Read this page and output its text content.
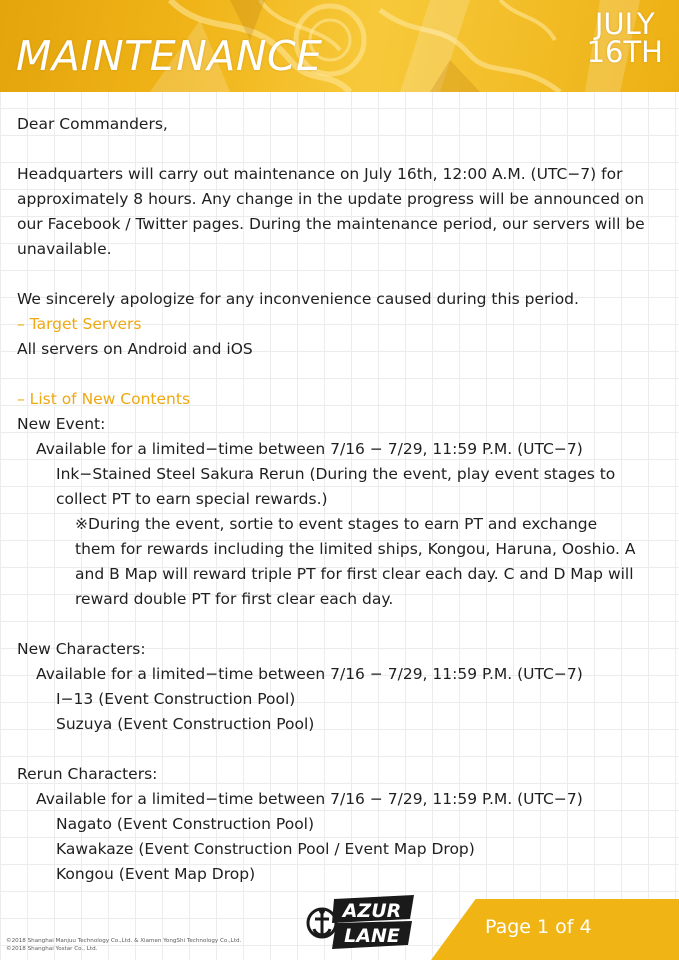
MAINTENANCE
JULY
16TH
Dear Commanders,
Headquarters will carry out maintenance on July 16th, 12:00 A.M. (UTC−7) for
approximately 8 hours. Any change in the update progress will be announced on
our Facebook / Twitter pages. During the maintenance period, our servers will be
unavailable.
We sincerely apologize for any inconvenience caused during this period.
– Target Servers
All servers on Android and iOS
– List of New Contents
New Event:
Available for a limited−time between 7/16 − 7/29, 11:59 P.M. (UTC−7)
Ink−Stained Steel Sakura Rerun (During the event, play event stages to
collect PT to earn special rewards.)
※During the event, sortie to event stages to earn PT and exchange
them for rewards including the limited ships, Kongou, Haruna, Ooshio. A
and B Map will reward triple PT for first clear each day. C and D Map will
reward double PT for first clear each day.
New Characters:
Available for a limited−time between 7/16 − 7/29, 11:59 P.M. (UTC−7)
I−13 (Event Construction Pool)
Suzuya (Event Construction Pool)
Rerun Characters:
Available for a limited−time between 7/16 − 7/29, 11:59 P.M. (UTC−7)
Nagato (Event Construction Pool)
Kawakaze (Event Construction Pool / Event Map Drop)
Kongou (Event Map Drop)
©2018 Shanghai Manjuu Technology Co.,Ltd. & Xiamen YongShi Technology Co.,Ltd.
©2018 Shanghai Yostar Co., Ltd.
AZUR
LANE	Page 1 of 4
